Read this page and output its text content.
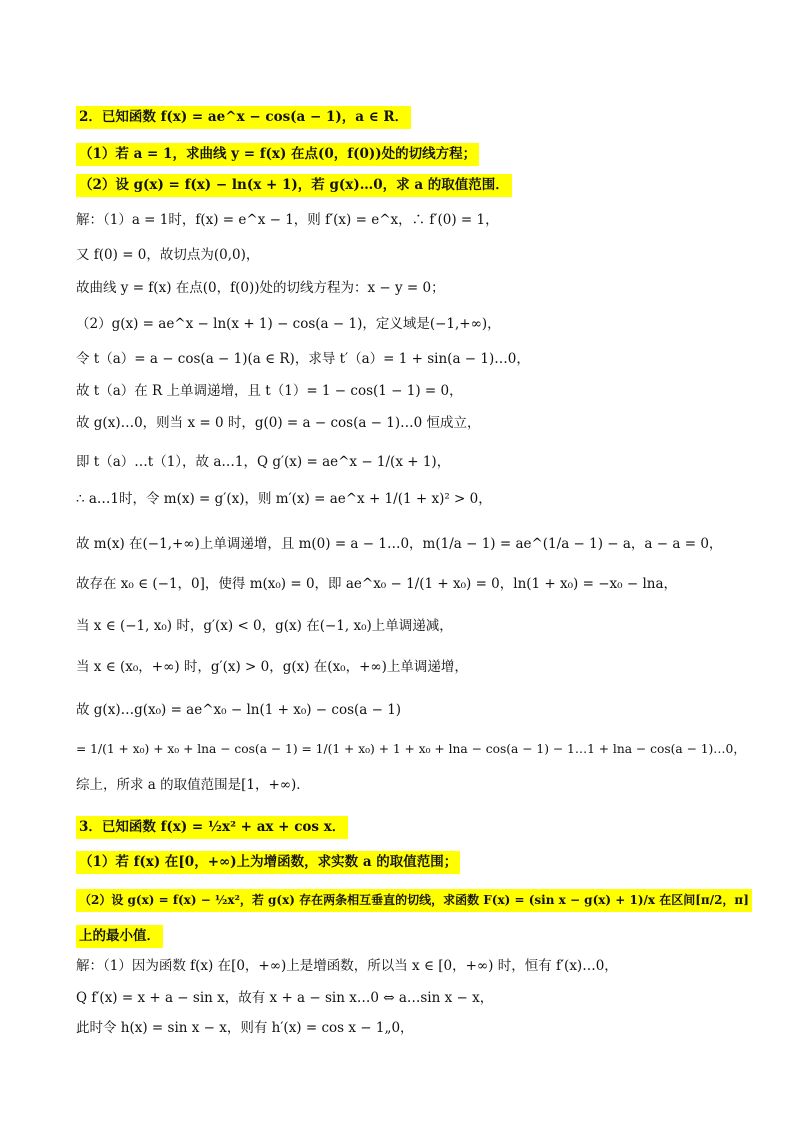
2．已知函数 f(x) = ae^x − cos(a − 1)，a ∈ R．
（1）若 a = 1，求曲线 y = f(x) 在点(0，f(0))处的切线方程；
（2）设 g(x) = f(x) − ln(x + 1)，若 g(x)…0，求 a 的取值范围．
解：（1）a = 1时，f(x) = e^x − 1，则 f′(x) = e^x，∴ f′(0) = 1，
又 f(0) = 0，故切点为(0,0)，
故曲线 y = f(x) 在点(0，f(0))处的切线方程为：x − y = 0；
（2）g(x) = ae^x − ln(x + 1) − cos(a − 1)，定义域是(−1,+∞)，
令 t（a）= a − cos(a − 1)(a ∈ R)，求导 t′（a）= 1 + sin(a − 1)…0，
故 t（a）在 R 上单调递增，且 t（1）= 1 − cos(1 − 1) = 0，
故 g(x)…0，则当 x = 0 时，g(0) = a − cos(a − 1)…0 恒成立，
即 t（a）…t（1），故 a…1，Q g′(x) = ae^x − 1/(x + 1)，
∴ a…1时，令 m(x) = g′(x)，则 m′(x) = ae^x + 1/(1 + x)² > 0，
故 m(x) 在(−1,+∞)上单调递增，且 m(0) = a − 1…0，m(1/a − 1) = ae^(1/a − 1) − a，a − a = 0，
故存在 x₀ ∈ (−1，0]，使得 m(x₀) = 0，即 ae^x₀ − 1/(1 + x₀) = 0，ln(1 + x₀) = −x₀ − lna，
当 x ∈ (−1, x₀) 时，g′(x) < 0，g(x) 在(−1, x₀)上单调递减，
当 x ∈ (x₀，+∞) 时，g′(x) > 0，g(x) 在(x₀，+∞)上单调递增，
故 g(x)…g(x₀) = ae^x₀ − ln(1 + x₀) − cos(a − 1)
= 1/(1 + x₀) + x₀ + lna − cos(a − 1) = 1/(1 + x₀) + 1 + x₀ + lna − cos(a − 1) − 1…1 + lna − cos(a − 1)…0，
综上，所求 a 的取值范围是[1，+∞)．
3．已知函数 f(x) = ½x² + ax + cos x．
（1）若 f(x) 在[0，+∞)上为增函数，求实数 a 的取值范围；
（2）设 g(x) = f(x) − ½x²，若 g(x) 存在两条相互垂直的切线，求函数 F(x) = (sin x − g(x) + 1)/x 在区间[π/2，π]
上的最小值．
解：（1）因为函数 f(x) 在[0，+∞)上是增函数，所以当 x ∈ [0，+∞) 时，恒有 f′(x)…0，
Q f′(x) = x + a − sin x，故有 x + a − sin x…0 ⇔ a…sin x − x，
此时令 h(x) = sin x − x，则有 h′(x) = cos x − 1„0，
